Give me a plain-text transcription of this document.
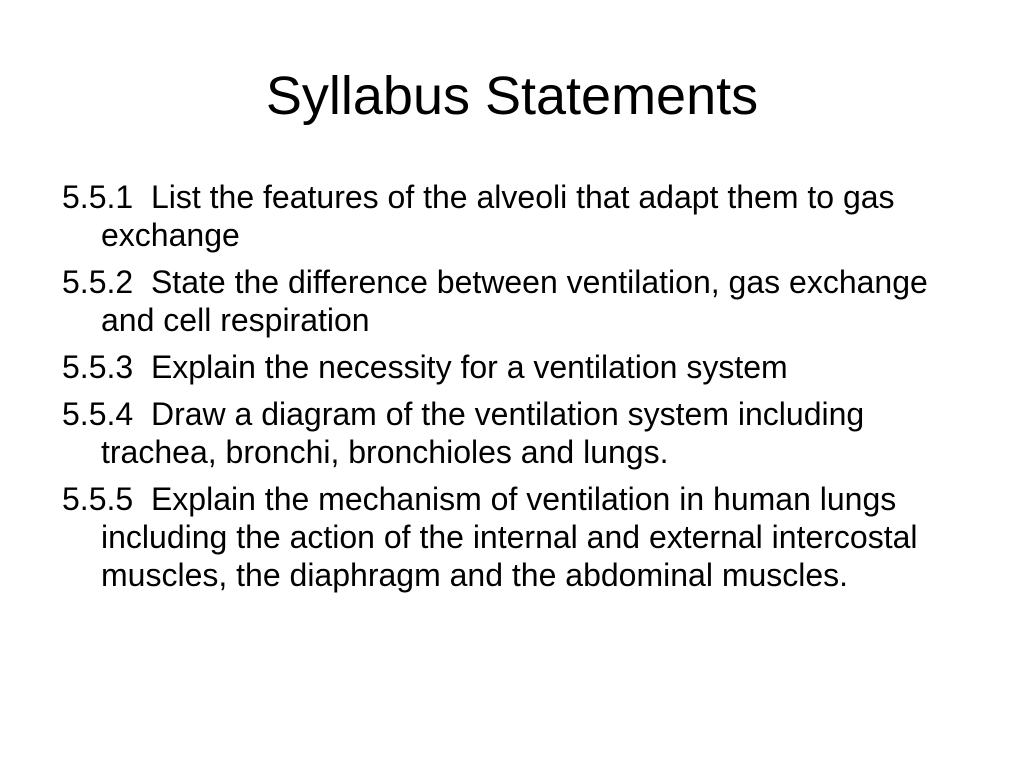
Syllabus Statements
5.5.1 List the features of the alveoli that adapt them to gas exchange
5.5.2 State the difference between ventilation, gas exchange and cell respiration
5.5.3 Explain the necessity for a ventilation system
5.5.4 Draw a diagram of the ventilation system including trachea, bronchi, bronchioles and lungs.
5.5.5 Explain the mechanism of ventilation in human lungs including the action of the internal and external intercostal muscles, the diaphragm and the abdominal muscles.
